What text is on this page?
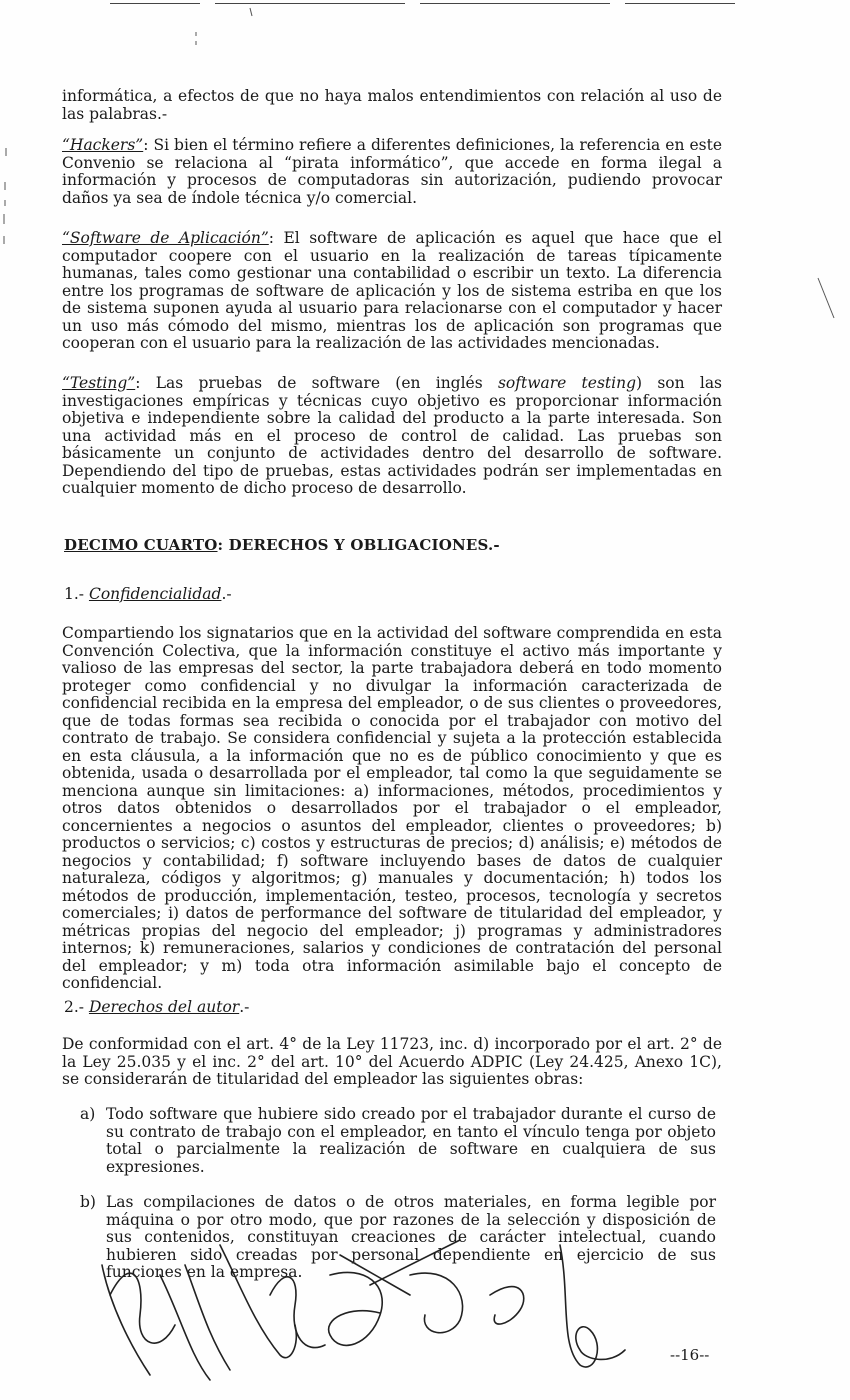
informática, a efectos de que no haya malos entendimientos con relación al uso de las palabras.-

“Hackers”: Si bien el término refiere a diferentes definiciones, la referencia en este Convenio se relaciona al “pirata informático”, que accede en forma ilegal a información y procesos de computadoras sin autorización, pudiendo provocar daños ya sea de índole técnica y/o comercial.

“Software de Aplicación”: El software de aplicación es aquel que hace que el computador coopere con el usuario en la realización de tareas típicamente humanas, tales como gestionar una contabilidad o escribir un texto. La diferencia entre los programas de software de aplicación y los de sistema estriba en que los de sistema suponen ayuda al usuario para relacionarse con el computador y hacer un uso más cómodo del mismo, mientras los de aplicación son programas que cooperan con el usuario para la realización de las actividades mencionadas.

“Testing”: Las pruebas de software (en inglés software testing) son las investigaciones empíricas y técnicas cuyo objetivo es proporcionar información objetiva e independiente sobre la calidad del producto a la parte interesada. Son una actividad más en el proceso de control de calidad. Las pruebas son básicamente un conjunto de actividades dentro del desarrollo de software. Dependiendo del tipo de pruebas, estas actividades podrán ser implementadas en cualquier momento de dicho proceso de desarrollo.

DECIMO CUARTO: DERECHOS Y OBLIGACIONES.-
1.- Confidencialidad.-

Compartiendo los signatarios que en la actividad del software comprendida en esta Convención Colectiva, que la información constituye el activo más importante y valioso de las empresas del sector, la parte trabajadora deberá en todo momento proteger como confidencial y no divulgar la información caracterizada de confidencial recibida en la empresa del empleador, o de sus clientes o proveedores, que de todas formas sea recibida o conocida por el trabajador con motivo del contrato de trabajo. Se considera confidencial y sujeta a la protección establecida en esta cláusula, a la información que no es de público conocimiento y que es obtenida, usada o desarrollada por el empleador, tal como la que seguidamente se menciona aunque sin limitaciones: a) informaciones, métodos, procedimientos y otros datos obtenidos o desarrollados por el trabajador o el empleador, concernientes a negocios o asuntos del empleador, clientes o proveedores; b) productos o servicios; c) costos y estructuras de precios; d) análisis; e) métodos de negocios y contabilidad; f) software incluyendo bases de datos de cualquier naturaleza, códigos y algoritmos; g) manuales y documentación; h) todos los métodos de producción, implementación, testeo, procesos, tecnología y secretos comerciales; i) datos de performance del software de titularidad del empleador, y métricas propias del negocio del empleador; j) programas y administradores internos; k) remuneraciones, salarios y condiciones de contratación del personal del empleador; y m) toda otra información asimilable bajo el concepto de confidencial.

2.- Derechos del autor.-

De conformidad con el art. 4° de la Ley 11723, inc. d) incorporado por el art. 2° de la Ley 25.035 y el inc. 2° del art. 10° del Acuerdo ADPIC (Ley 24.425, Anexo 1C), se considerarán de titularidad del empleador las siguientes obras:

a) Todo software que hubiere sido creado por el trabajador durante el curso de su contrato de trabajo con el empleador, en tanto el vínculo tenga por objeto total o parcialmente la realización de software en cualquiera de sus expresiones.
b) Las compilaciones de datos o de otros materiales, en forma legible por máquina o por otro modo, que por razones de la selección y disposición de sus contenidos, constituyan creaciones de carácter intelectual, cuando hubieren sido creadas por personal dependiente en ejercicio de sus funciones en la empresa.
--16--
